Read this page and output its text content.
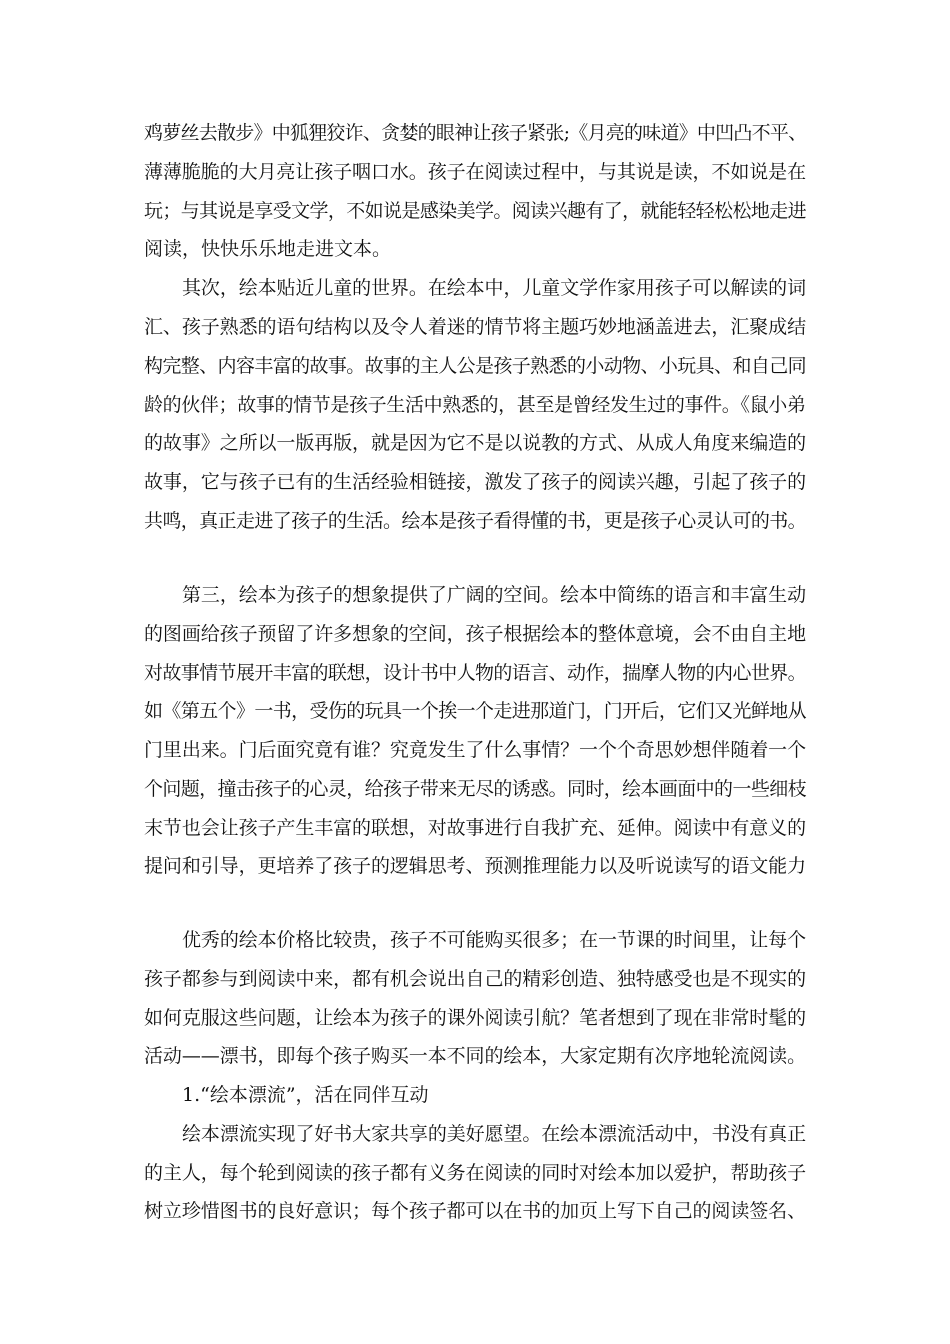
鸡萝丝去散步》中狐狸狡诈、贪婪的眼神让孩子紧张;《月亮的味道》中凹凸不平、

薄薄脆脆的大月亮让孩子咽口水。孩子在阅读过程中，与其说是读，不如说是在

玩；与其说是享受文学，不如说是感染美学。阅读兴趣有了，就能轻轻松松地走进

阅读，快快乐乐地走进文本。

其次，绘本贴近儿童的世界。在绘本中，儿童文学作家用孩子可以解读的词

汇、孩子熟悉的语句结构以及令人着迷的情节将主题巧妙地涵盖进去，汇聚成结

构完整、内容丰富的故事。故事的主人公是孩子熟悉的小动物、小玩具、和自己同

龄的伙伴；故事的情节是孩子生活中熟悉的，甚至是曾经发生过的事件。《鼠小弟

的故事》之所以一版再版，就是因为它不是以说教的方式、从成人角度来编造的

故事，它与孩子已有的生活经验相链接，激发了孩子的阅读兴趣，引起了孩子的

共鸣，真正走进了孩子的生活。绘本是孩子看得懂的书，更是孩子心灵认可的书。

第三，绘本为孩子的想象提供了广阔的空间。绘本中简练的语言和丰富生动

的图画给孩子预留了许多想象的空间，孩子根据绘本的整体意境，会不由自主地

对故事情节展开丰富的联想，设计书中人物的语言、动作，揣摩人物的内心世界。

如《第五个》一书，受伤的玩具一个挨一个走进那道门，门开后，它们又光鲜地从

门里出来。门后面究竟有谁？究竟发生了什么事情？一个个奇思妙想伴随着一个

个问题，撞击孩子的心灵，给孩子带来无尽的诱惑。同时，绘本画面中的一些细枝

末节也会让孩子产生丰富的联想，对故事进行自我扩充、延伸。阅读中有意义的

提问和引导，更培养了孩子的逻辑思考、预测推理能力以及听说读写的语文能力

优秀的绘本价格比较贵，孩子不可能购买很多；在一节课的时间里，让每个

孩子都参与到阅读中来，都有机会说出自己的精彩创造、独特感受也是不现实的

如何克服这些问题，让绘本为孩子的课外阅读引航？笔者想到了现在非常时髦的

活动——漂书，即每个孩子购买一本不同的绘本，大家定期有次序地轮流阅读。

1.“绘本漂流”，活在同伴互动

绘本漂流实现了好书大家共享的美好愿望。在绘本漂流活动中，书没有真正

的主人，每个轮到阅读的孩子都有义务在阅读的同时对绘本加以爱护，帮助孩子

树立珍惜图书的良好意识；每个孩子都可以在书的加页上写下自己的阅读签名、
